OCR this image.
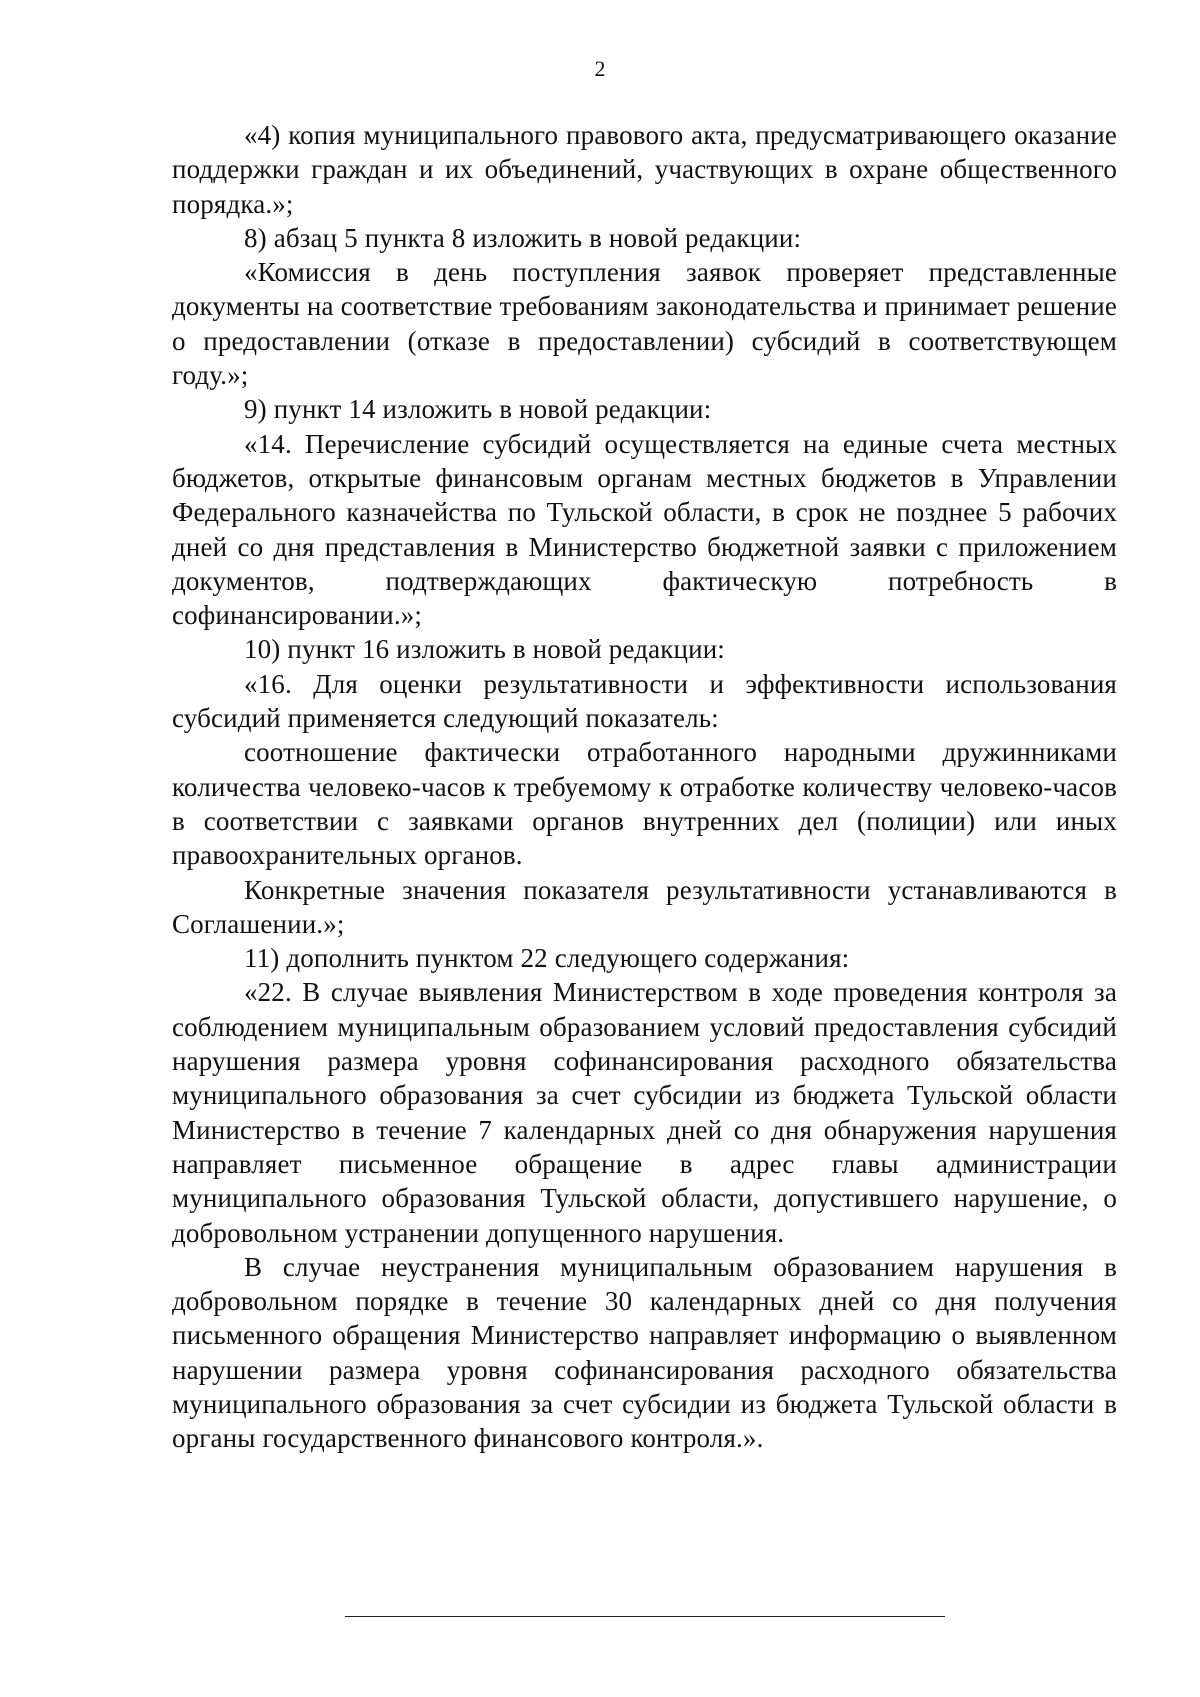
2

«4) копия муниципального правового акта, предусматривающего оказание поддержки граждан и их объединений, участвующих в охране общественного порядка.»;

8) абзац 5 пункта 8 изложить в новой редакции:

«Комиссия в день поступления заявок проверяет представленные документы на соответствие требованиям законодательства и принимает решение о предоставлении (отказе в предоставлении) субсидий в соответствующем году.»;

9) пункт 14 изложить в новой редакции:

«14. Перечисление субсидий осуществляется на единые счета местных бюджетов, открытые финансовым органам местных бюджетов в Управлении Федерального казначейства по Тульской области, в срок не позднее 5 рабочих дней со дня представления в Министерство бюджетной заявки с приложением документов, подтверждающих фактическую потребность в софинансировании.»;

10) пункт 16 изложить в новой редакции:

«16. Для оценки результативности и эффективности использования субсидий применяется следующий показатель:

соотношение фактически отработанного народными дружинниками количества человеко-часов к требуемому к отработке количеству человеко-часов в соответствии с заявками органов внутренних дел (полиции) или иных правоохранительных органов.

Конкретные значения показателя результативности устанавливаются в Соглашении.»;

11) дополнить пунктом 22 следующего содержания:

«22. В случае выявления Министерством в ходе проведения контроля за соблюдением муниципальным образованием условий предоставления субсидий нарушения размера уровня софинансирования расходного обязательства муниципального образования за счет субсидии из бюджета Тульской области Министерство в течение 7 календарных дней со дня обнаружения нарушения направляет письменное обращение в адрес главы администрации муниципального образования Тульской области, допустившего нарушение, о добровольном устранении допущенного нарушения.

В случае неустранения муниципальным образованием нарушения в добровольном порядке в течение 30 календарных дней со дня получения письменного обращения Министерство направляет информацию о выявленном нарушении размера уровня софинансирования расходного обязательства муниципального образования за счет субсидии из бюджета Тульской области в органы государственного финансового контроля.».
